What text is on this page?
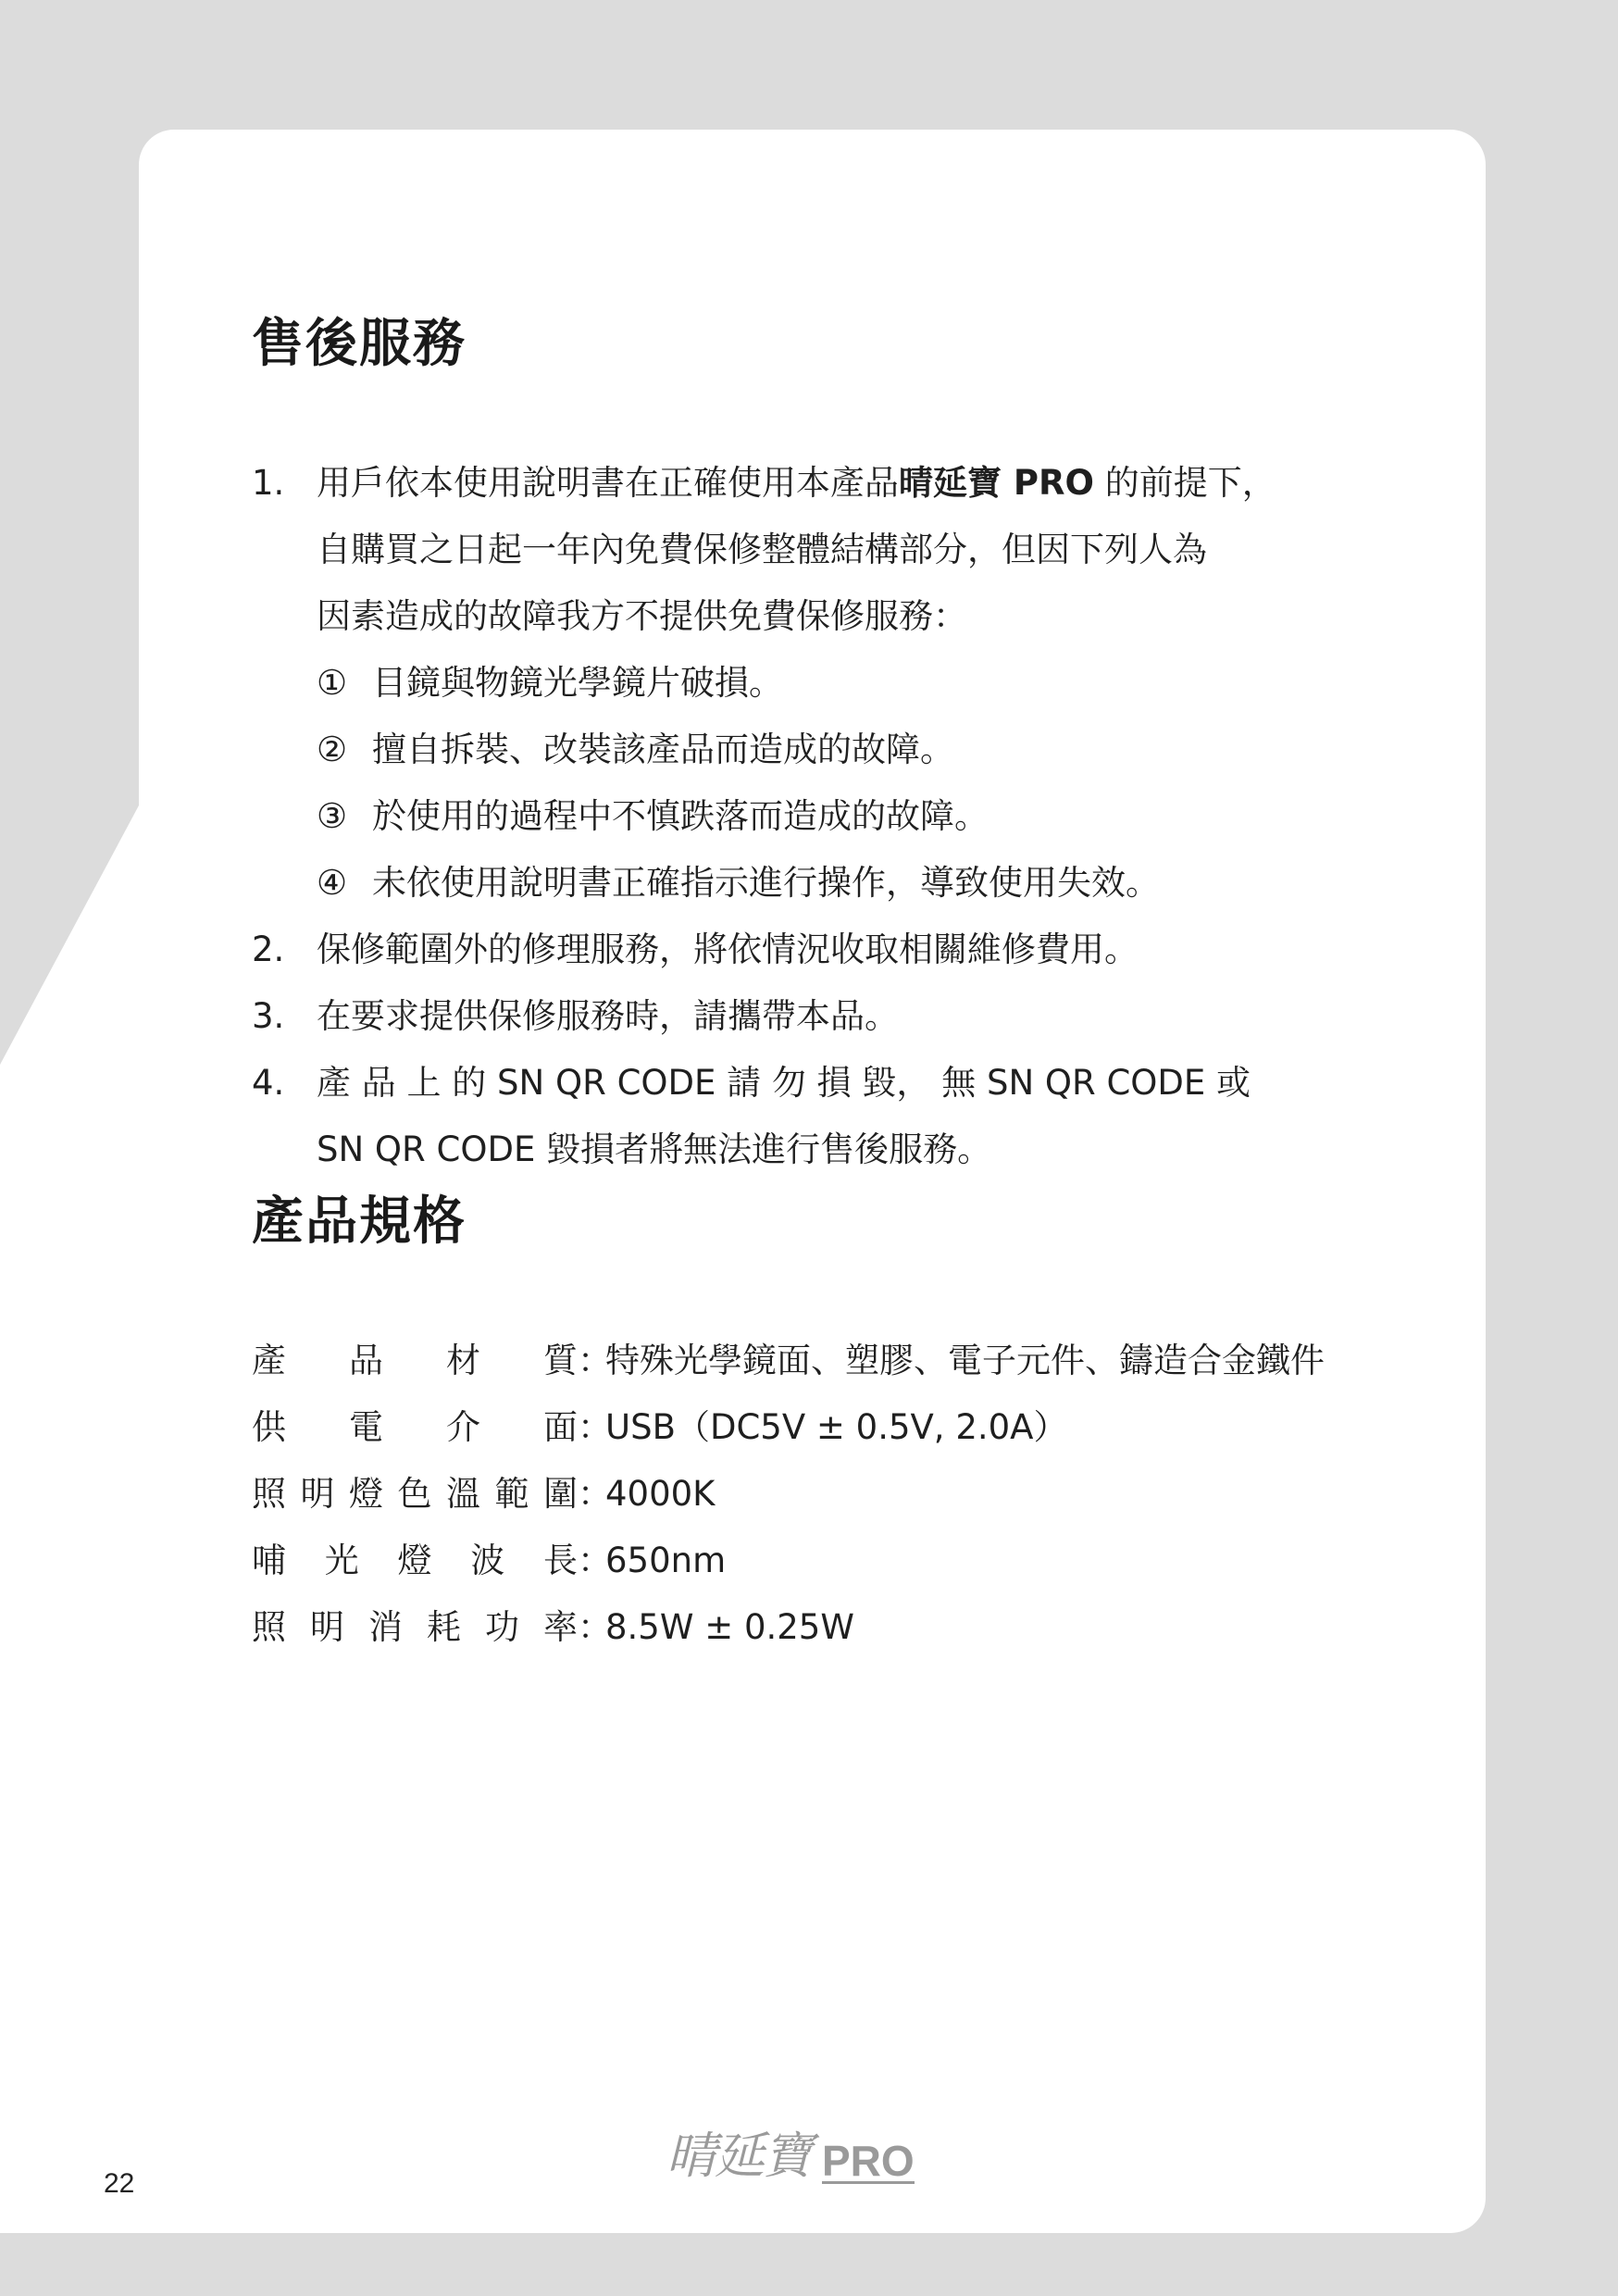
售後服務
1. 用戶依本使用說明書在正確使用本產品晴延寶 PRO 的前提下，
自購買之日起一年內免費保修整體結構部分，但因下列人為
因素造成的故障我方不提供免費保修服務：
① 目鏡與物鏡光學鏡片破損。
② 擅自拆裝、改裝該產品而造成的故障。
③ 於使用的過程中不慎跌落而造成的故障。
④ 未依使用說明書正確指示進行操作，導致使用失效。
2. 保修範圍外的修理服務，將依情況收取相關維修費用。
3. 在要求提供保修服務時，請攜帶本品。
4. 產 品 上 的 SN QR CODE 請 勿 損 毀， 無 SN QR CODE 或
SN QR CODE 毀損者將無法進行售後服務。
產品規格
產 品 材 質 ：
特殊光學鏡面、塑膠、電子元件、鑄造合金鐵件
供 電 介 面 ：
USB（DC5V ± 0.5V, 2.0A）
照 明 燈 色 溫 範 圍 ：
4000K
哺 光 燈 波 長 ：
650nm
照 明 消 耗 功 率 ：
8.5W ± 0.25W
晴延寶 PRO
22
